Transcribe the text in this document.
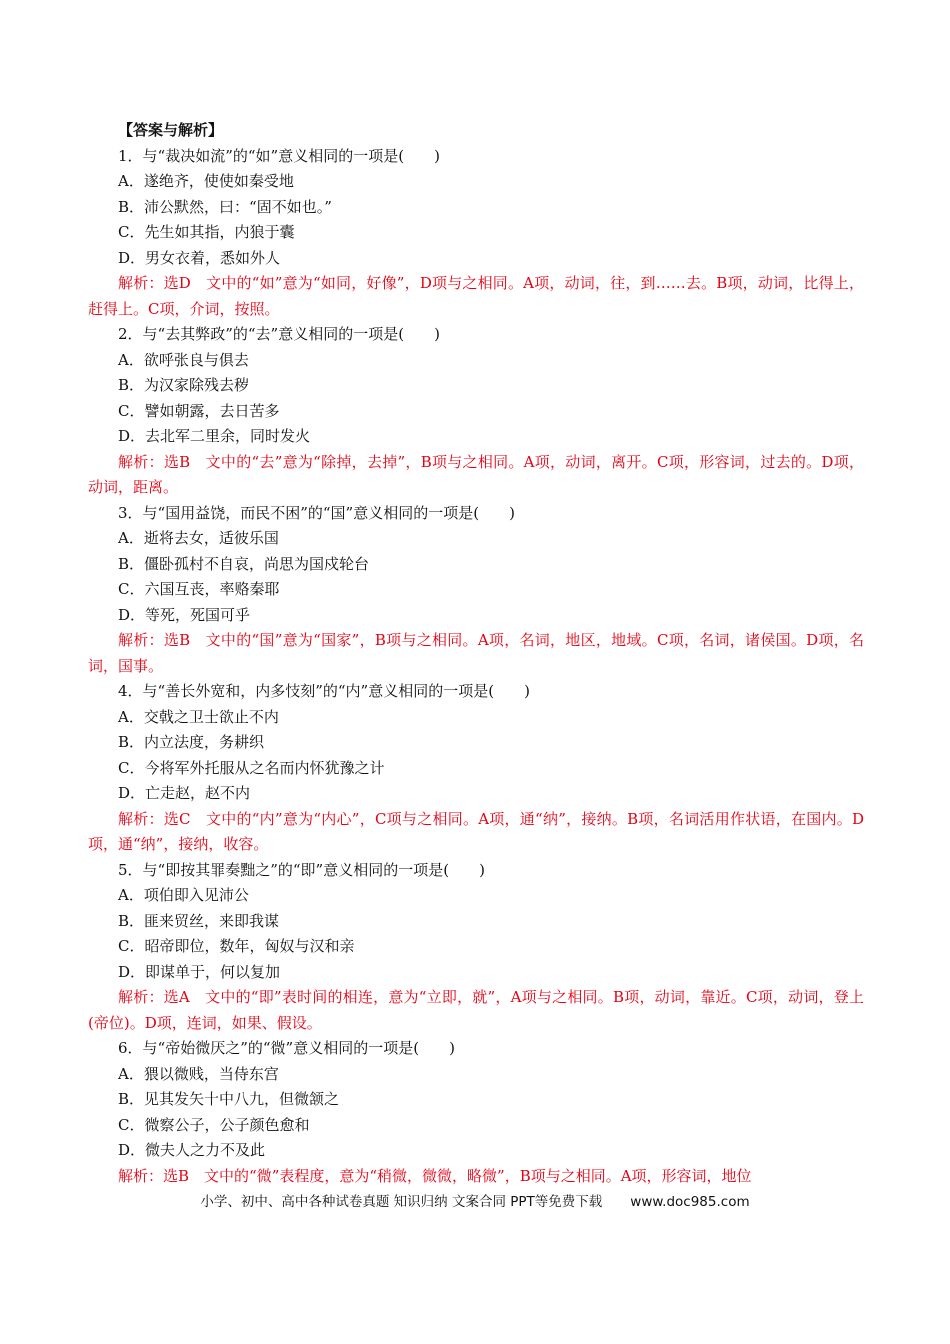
【答案与解析】
1．与“裁决如流”的“如”意义相同的一项是(　　)
A．遂绝齐，使使如秦受地
B．沛公默然，曰：“固不如也。”
C．先生如其指，内狼于囊
D．男女衣着，悉如外人
解析：选D　文中的“如”意为“如同，好像”，D项与之相同。A项，动词，往，到……去。B项，动词，比得上，赶得上。C项，介词，按照。
2．与“去其弊政”的“去”意义相同的一项是(　　)
A．欲呼张良与俱去
B．为汉家除残去秽
C．譬如朝露，去日苦多
D．去北军二里余，同时发火
解析：选B　文中的“去”意为“除掉，去掉”，B项与之相同。A项，动词，离开。C项，形容词，过去的。D项，动词，距离。
3．与“国用益饶，而民不困”的“国”意义相同的一项是(　　)
A．逝将去女，适彼乐国
B．僵卧孤村不自哀，尚思为国戍轮台
C．六国互丧，率赂秦耶
D．等死，死国可乎
解析：选B　文中的“国”意为“国家”，B项与之相同。A项，名词，地区，地域。C项，名词，诸侯国。D项，名词，国事。
4．与“善长外宽和，内多忮刻”的“内”意义相同的一项是(　　)
A．交戟之卫士欲止不内
B．内立法度，务耕织
C．今将军外托服从之名而内怀犹豫之计
D．亡走赵，赵不内
解析：选C　文中的“内”意为“内心”，C项与之相同。A项，通“纳”，接纳。B项，名词活用作状语，在国内。D项，通“纳”，接纳，收容。
5．与“即按其罪奏黜之”的“即”意义相同的一项是(　　)
A．项伯即入见沛公
B．匪来贸丝，来即我谋
C．昭帝即位，数年，匈奴与汉和亲
D．即谋单于，何以复加
解析：选A　文中的“即”表时间的相连，意为“立即，就”，A项与之相同。B项，动词，靠近。C项，动词，登上(帝位)。D项，连词，如果、假设。
6．与“帝始微厌之”的“微”意义相同的一项是(　　)
A．猥以微贱，当侍东宫
B．见其发矢十中八九，但微颔之
C．微察公子，公子颜色愈和
D．微夫人之力不及此
解析：选B　文中的“微”表程度，意为“稍微，微微，略微”，B项与之相同。A项，形容词，地位
小学、初中、高中各种试卷真题 知识归纳 文案合同 PPT等免费下载 www.doc985.com
